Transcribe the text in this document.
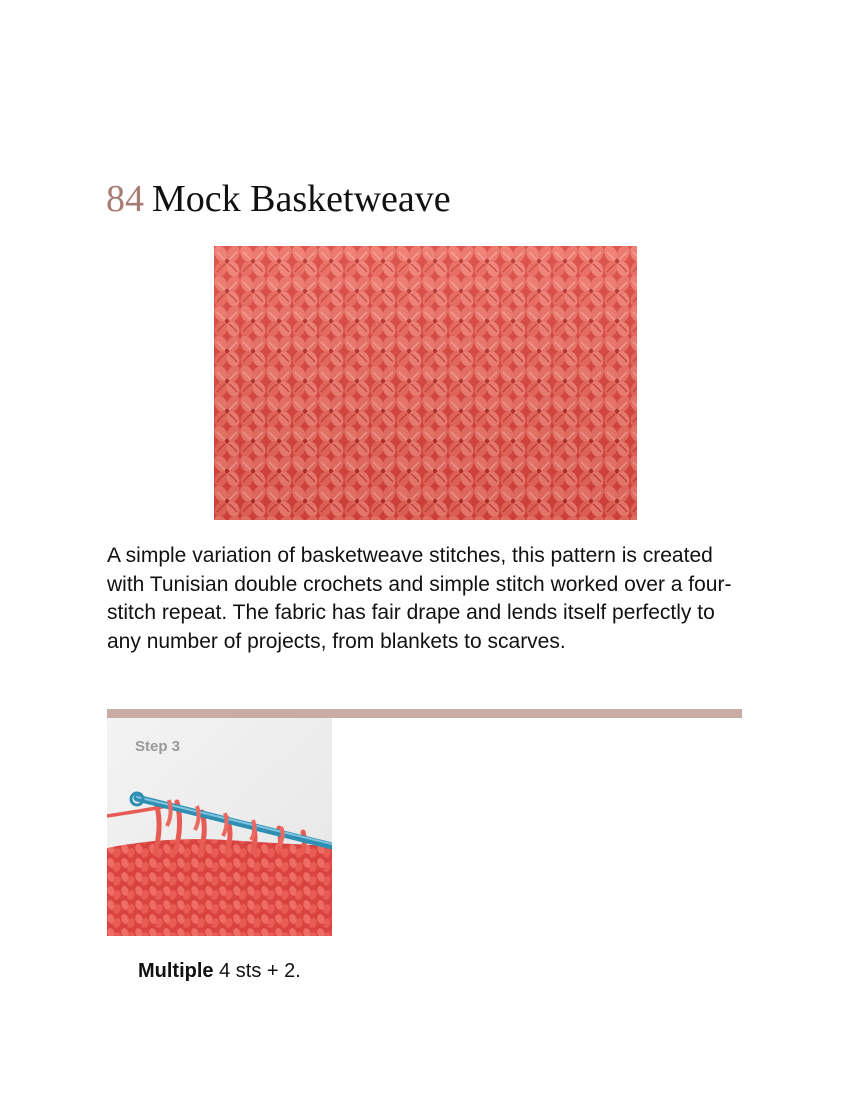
84 Mock Basketweave

A simple variation of basketweave stitches, this pattern is created with Tunisian double crochets and simple stitch worked over a four-stitch repeat. The fabric has fair drape and lends itself perfectly to any number of projects, from blankets to scarves.

Step 3

Multiple 4 sts + 2.
